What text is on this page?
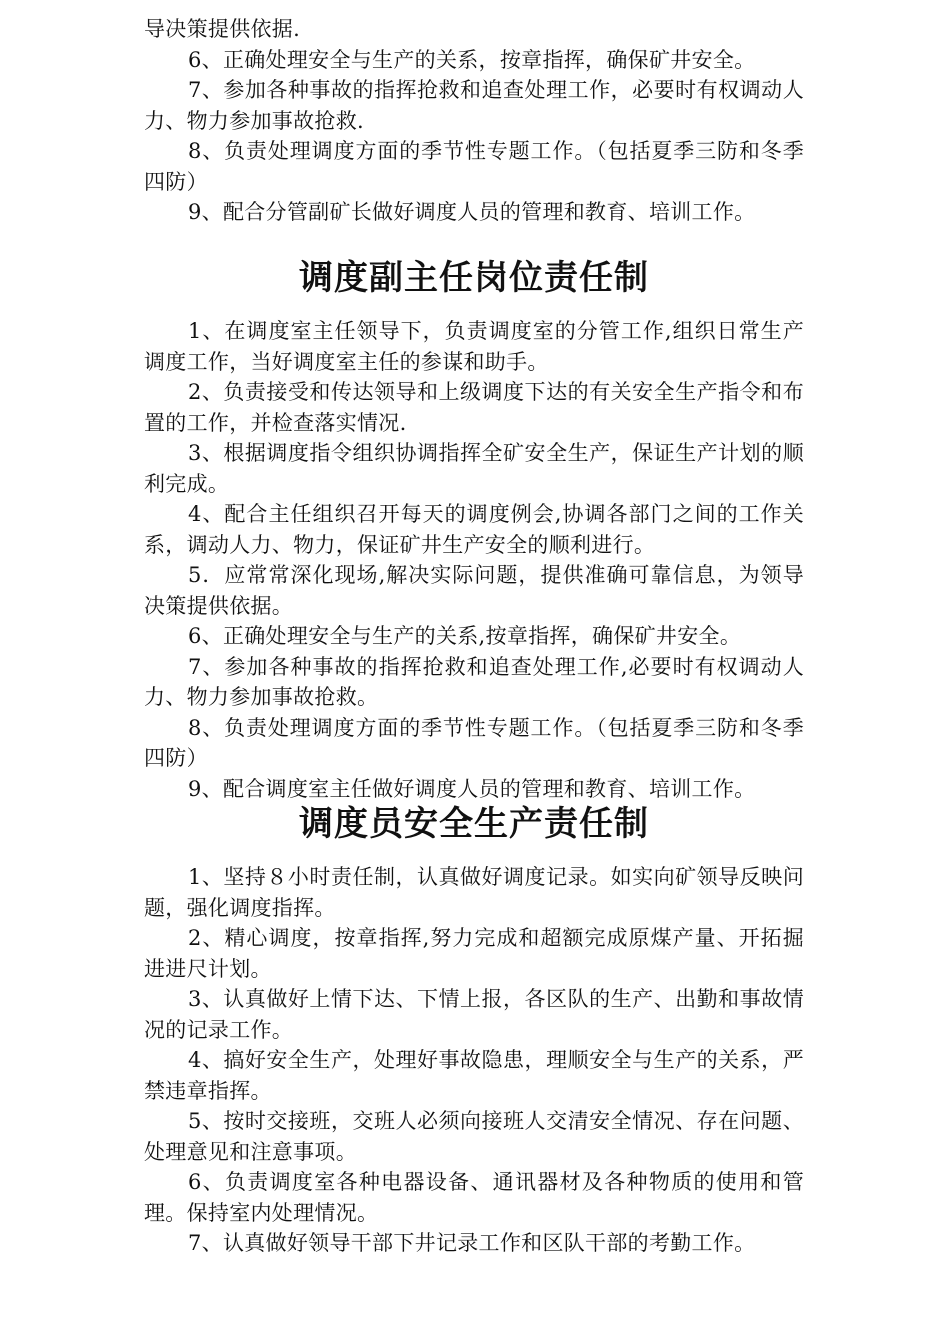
导决策提供依据.

6、正确处理安全与生产的关系，按章指挥，确保矿井安全。

7、参加各种事故的指挥抢救和追查处理工作，必要时有权调动人力、物力参加事故抢救.

8、负责处理调度方面的季节性专题工作。（包括夏季三防和冬季四防）

9、配合分管副矿长做好调度人员的管理和教育、培训工作。

调度副主任岗位责任制

1、在调度室主任领导下，负责调度室的分管工作,组织日常生产调度工作，当好调度室主任的参谋和助手。

2、负责接受和传达领导和上级调度下达的有关安全生产指令和布置的工作，并检查落实情况.

3、根据调度指令组织协调指挥全矿安全生产，保证生产计划的顺利完成。

4、配合主任组织召开每天的调度例会,协调各部门之间的工作关系，调动人力、物力，保证矿井生产安全的顺利进行。

5．应常常深化现场,解决实际问题，提供准确可靠信息，为领导决策提供依据。

6、正确处理安全与生产的关系,按章指挥，确保矿井安全。

7、参加各种事故的指挥抢救和追查处理工作,必要时有权调动人力、物力参加事故抢救。

8、负责处理调度方面的季节性专题工作。（包括夏季三防和冬季四防）

9、配合调度室主任做好调度人员的管理和教育、培训工作。

调度员安全生产责任制

1、坚持８小时责任制，认真做好调度记录。如实向矿领导反映问题，强化调度指挥。

2、精心调度，按章指挥,努力完成和超额完成原煤产量、开拓掘进进尺计划。

3、认真做好上情下达、下情上报，各区队的生产、出勤和事故情况的记录工作。

4、搞好安全生产，处理好事故隐患，理顺安全与生产的关系，严禁违章指挥。

5、按时交接班，交班人必须向接班人交清安全情况、存在问题、处理意见和注意事项。

6、负责调度室各种电器设备、通讯器材及各种物质的使用和管理。保持室内处理情况。

7、认真做好领导干部下井记录工作和区队干部的考勤工作。
